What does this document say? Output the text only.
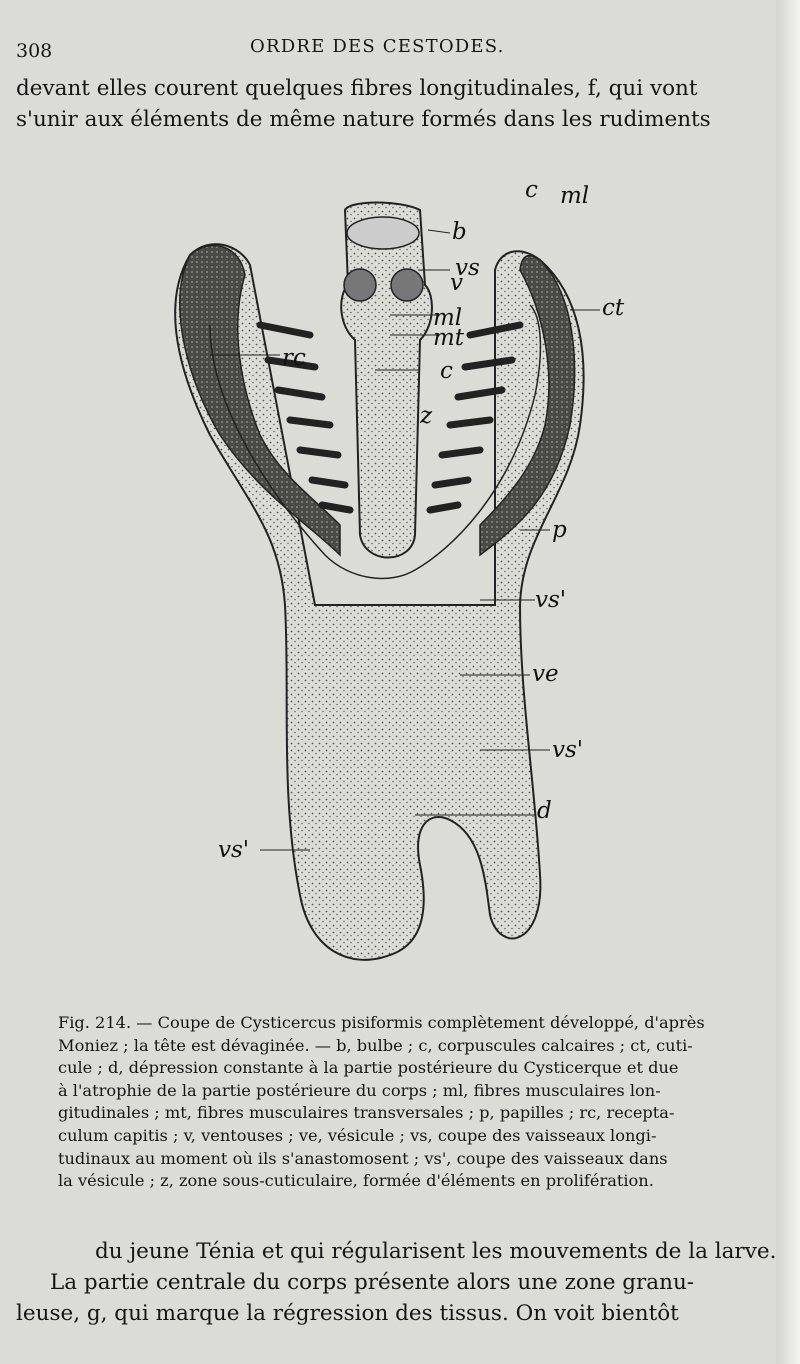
308	ORDRE DES CESTODES.
devant elles courent quelques fibres longitudinales, f, qui vont
s'unir aux éléments de même nature formés dans les rudiments
c ml
b
vs
v
ml
mt
ct
rc	c
z
p
vs'
ve
vs'
d
vs'
Fig. 214. — Coupe de Cysticercus pisiformis complètement développé, d'après
Moniez ; la tête est dévaginée. — b, bulbe ; c, corpuscules calcaires ; ct, cuti-
cule ; d, dépression constante à la partie postérieure du Cysticerque et due
à l'atrophie de la partie postérieure du corps ; ml, fibres musculaires lon-
gitudinales ; mt, fibres musculaires transversales ; p, papilles ; rc, recepta-
culum capitis ; v, ventouses ; ve, vésicule ; vs, coupe des vaisseaux longi-
tudinaux au moment où ils s'anastomosent ; vs', coupe des vaisseaux dans
la vésicule ; z, zone sous-cuticulaire, formée d'éléments en prolifération.
du jeune Ténia et qui régularisent les mouvements de la larve.
La partie centrale du corps présente alors une zone granu-
leuse, g, qui marque la régression des tissus. On voit bientôt
